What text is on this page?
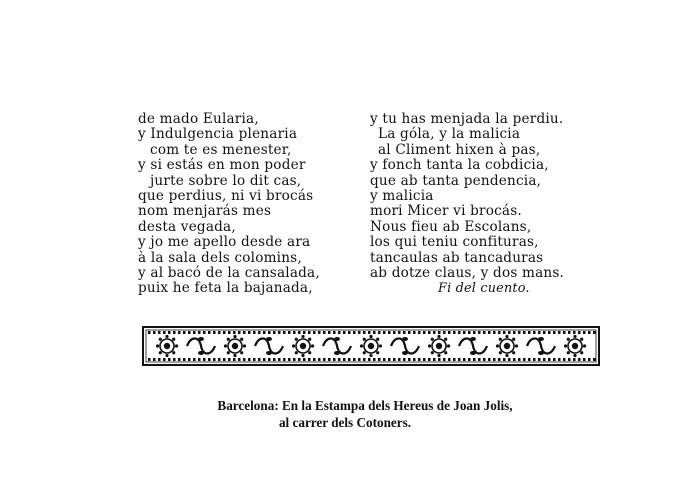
de mado Eularia,
y Indulgencia plenaria
com te es menester,
y si estás en mon poder
jurte sobre lo dit cas,
que perdius, ni vi brocás
nom menjarás mes
desta vegada,
y jo me apello desde ara
à la sala dels colomins,
y al bacó de la cansalada,
puix he feta la bajanada,
y tu has menjada la perdiu.
La góla, y la malicia
al Climent hixen à pas,
y fonch tanta la cobdicia,
que ab tanta pendencia,
y malicia
mori Micer vi brocás.
Nous fieu ab Escolans,
los qui teniu confituras,
tancaulas ab tancaduras
ab dotze claus, y dos mans.
Fi del cuento.
Barcelona: En la Estampa dels Hereus de Joan Jolis,
al carrer dels Cotoners.
